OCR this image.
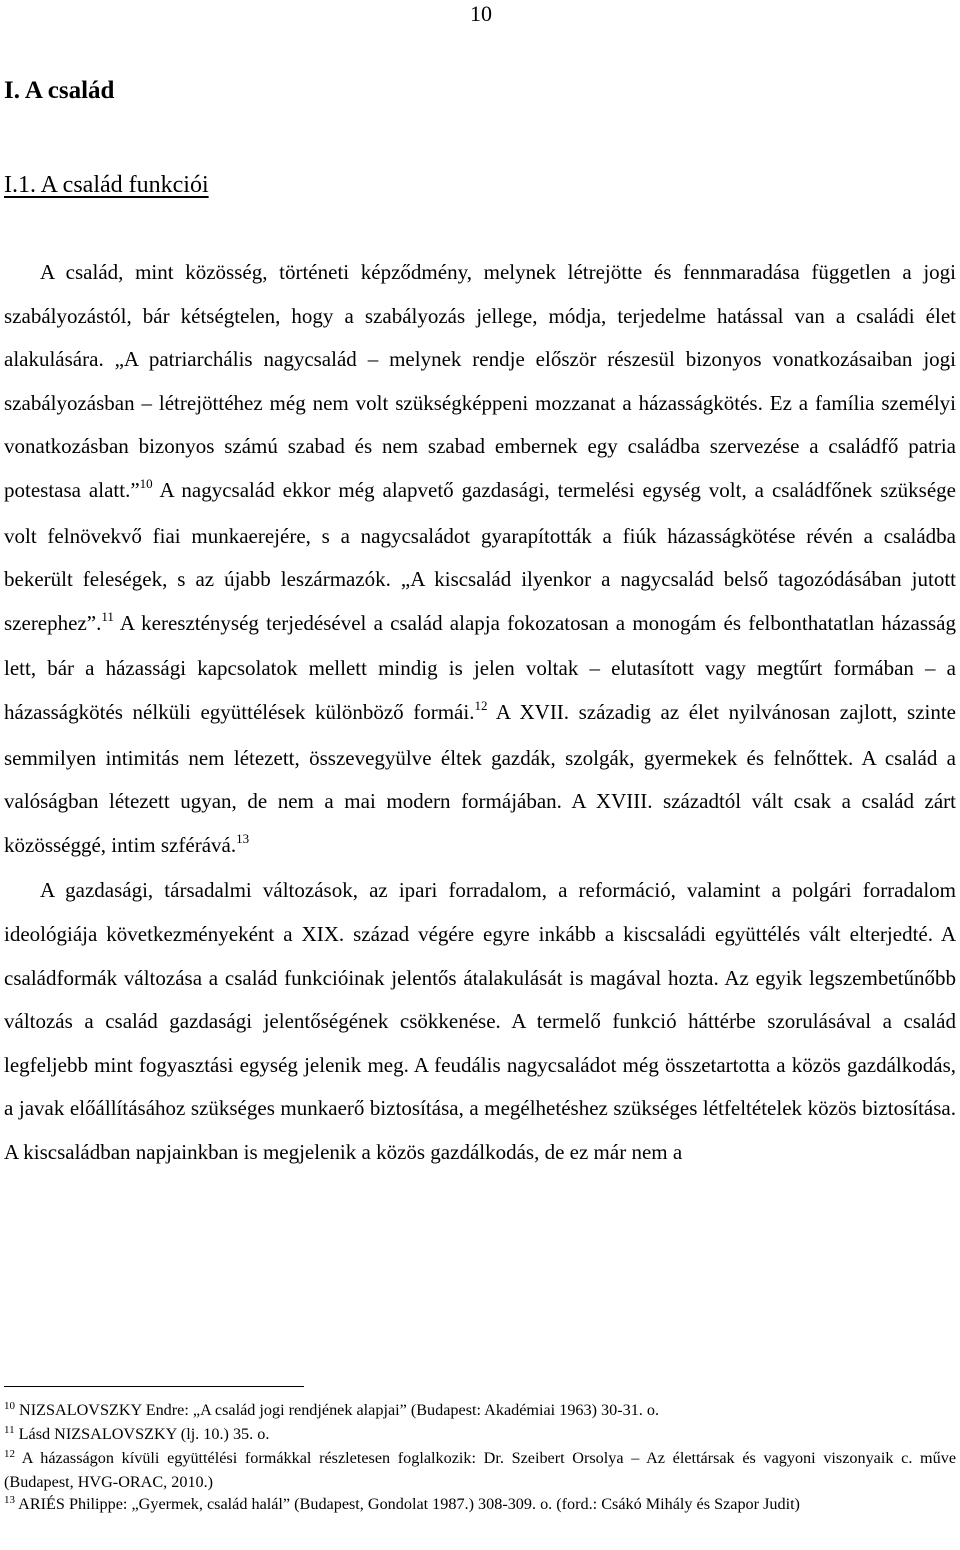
10
I. A család
I.1. A család funkciói

A család, mint közösség, történeti képződmény, melynek létrejötte és fennmaradása független a jogi szabályozástól, bár kétségtelen, hogy a szabályozás jellege, módja, terjedelme hatással van a családi élet alakulására. „A patriarchális nagycsalád – melynek rendje először részesül bizonyos vonatkozásaiban jogi szabályozásban – létrejöttéhez még nem volt szükségképpeni mozzanat a házasságkötés. Ez a família személyi vonatkozásban bizonyos számú szabad és nem szabad embernek egy családba szervezése a családfő patria potestasa alatt.”$^{10}$ A nagycsalád ekkor még alapvető gazdasági, termelési egység volt, a családfőnek szüksége volt felnövekvő fiai munkaerejére, s a nagycsaládot gyarapították a fiúk házasságkötése révén a családba bekerült feleségek, s az újabb leszármazók. „A kiscsalád ilyenkor a nagycsalád belső tagozódásában jutott szerephez”.$^{11}$ A kereszténység terjedésével a család alapja fokozatosan a monogám és felbonthatatlan házasság lett, bár a házassági kapcsolatok mellett mindig is jelen voltak – elutasított vagy megtűrt formában – a házasságkötés nélküli együttélések különböző formái.$^{12}$ A XVII. századig az élet nyilvánosan zajlott, szinte semmilyen intimitás nem létezett, összevegyülve éltek gazdák, szolgák, gyermekek és felnőttek. A család a valóságban létezett ugyan, de nem a mai modern formájában. A XVIII. századtól vált csak a család zárt közösséggé, intim szférává.$^{13}$

A gazdasági, társadalmi változások, az ipari forradalom, a reformáció, valamint a polgári forradalom ideológiája következményeként a XIX. század végére egyre inkább a kiscsaládi együttélés vált elterjedté. A családformák változása a család funkcióinak jelentős átalakulását is magával hozta. Az egyik legszembetűnőbb változás a család gazdasági jelentőségének csökkenése. A termelő funkció háttérbe szorulásával a család legfeljebb mint fogyasztási egység jelenik meg. A feudális nagycsaládot még összetartotta a közös gazdálkodás, a javak előállításához szükséges munkaerő biztosítása, a megélhetéshez szükséges létfeltételek közös biztosítása. A kiscsaládban napjainkban is megjelenik a közös gazdálkodás, de ez már nem a

$^{10}$ NIZSALOVSZKY Endre: „A család jogi rendjének alapjai” (Budapest: Akadémiai 1963) 30-31. o.
$^{11}$ Lásd NIZSALOVSZKY (lj. 10.) 35. o.
$^{12}$ A házasságon kívüli együttélési formákkal részletesen foglalkozik: Dr. Szeibert Orsolya – Az élettársak és vagyoni viszonyaik c. műve (Budapest, HVG-ORAC, 2010.)
$^{13}$ ARIÉS Philippe: „Gyermek, család halál” (Budapest, Gondolat 1987.) 308-309. o. (ford.: Csákó Mihály és Szapor Judit)
